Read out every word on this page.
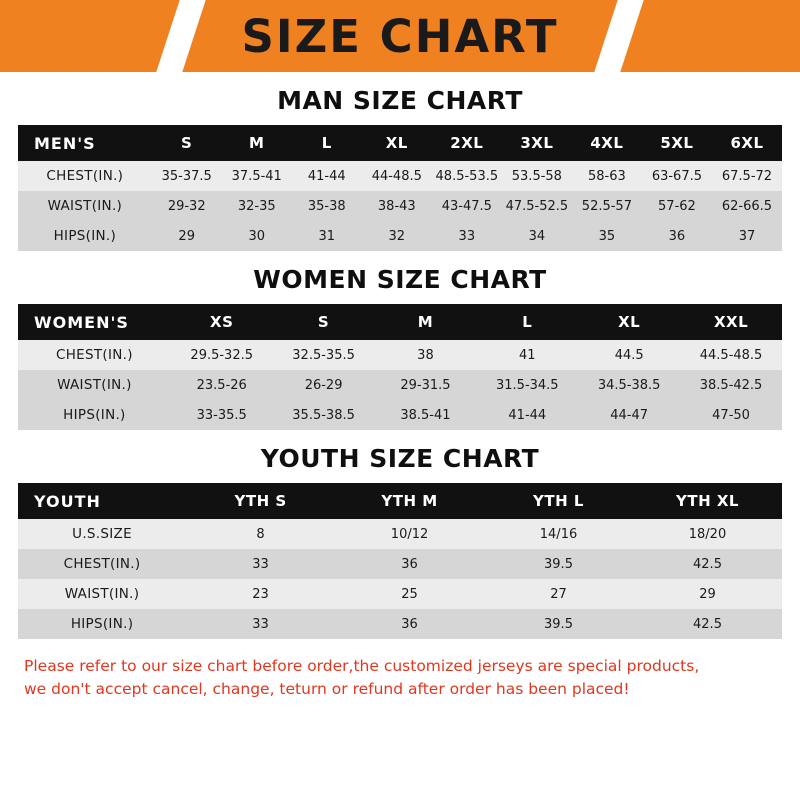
SIZE CHART
MAN SIZE CHART
MEN'S	S	M	L	XL	2XL	3XL	4XL	5XL	6XL
CHEST(IN.)	35-37.5	37.5-41	41-44	44-48.5	48.5-53.5	53.5-58	58-63	63-67.5	67.5-72
WAIST(IN.)	29-32	32-35	35-38	38-43	43-47.5	47.5-52.5	52.5-57	57-62	62-66.5
HIPS(IN.)	29	30	31	32	33	34	35	36	37
WOMEN SIZE CHART
WOMEN'S	XS	S	M	L	XL	XXL
CHEST(IN.)	29.5-32.5	32.5-35.5	38	41	44.5	44.5-48.5
WAIST(IN.)	23.5-26	26-29	29-31.5	31.5-34.5	34.5-38.5	38.5-42.5
HIPS(IN.)	33-35.5	35.5-38.5	38.5-41	41-44	44-47	47-50
YOUTH SIZE CHART
YOUTH	YTH S	YTH M	YTH L	YTH XL
U.S.SIZE	8	10/12	14/16	18/20
CHEST(IN.)	33	36	39.5	42.5
WAIST(IN.)	23	25	27	29
HIPS(IN.)	33	36	39.5	42.5

Please refer to our size chart before order,the customized jerseys are special products,
we don't accept cancel, change, teturn or refund after order has been placed!
